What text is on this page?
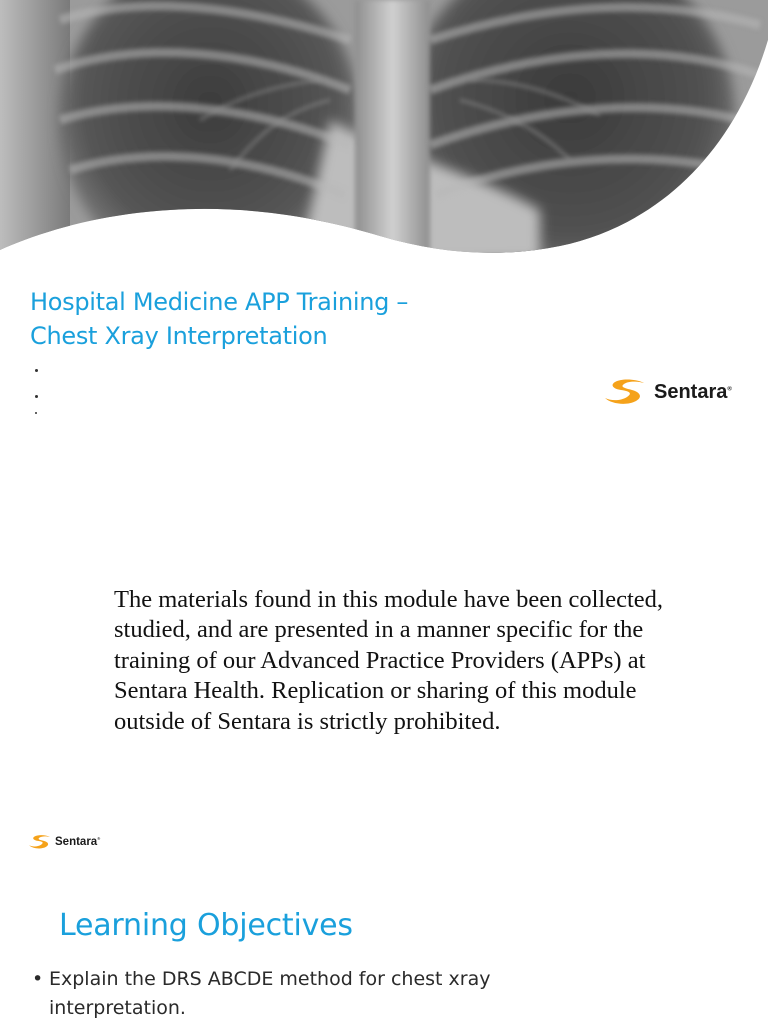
Hospital Medicine APP Training –
Chest Xray Interpretation
Sentara®

The materials found in this module have been collected, studied, and are presented in a manner specific for the training of our Advanced Practice Providers (APPs) at Sentara Health. Replication or sharing of this module outside of Sentara is strictly prohibited.

Sentara®
Learning Objectives
• Explain the DRS ABCDE method for chest xray interpretation.
